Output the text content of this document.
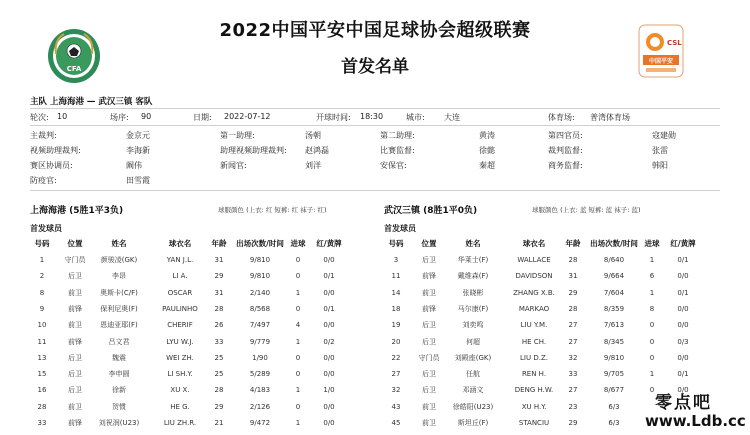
CFA
CSL
中国平安
2022中国平安中国足球协会超级联赛
首发名单
主队 上海海港 — 武汉三镇 客队
轮次: 10	场序: 90	日期: 2022-07-12	开球时间: 18:30	城市: 大连	体育场: 普湾体育场
主裁判:	金京元	第一助理:	汤朝	第二助理:	黄涛	第四官员:	寇建勋
视频助理裁判:	李海新	助理视频助理裁判: 赵鸿磊	比赛监督:	徐懿	裁判监督:	张雷
赛区协调员:	阚伟	新闻官:	刘洋	安保官:	秦超	商务监督:	韩阳
防疫官:	田雪霞
上海海港 (5胜1平3负)	球服颜色 (上衣: 红 短裤: 红 袜子: 红)	武汉三镇 (8胜1平0负)	球服颜色 (上衣: 蓝 短裤: 蓝 袜子: 蓝)
首发球员	首发球员
号码	位置	姓名	球衣名	年龄	出场次数/时间 进球	红/黄牌
1	守门员	颜骏凌(GK)	YAN J.L.	31	9/810	0	0/0
2	后卫	李昂	LI A.	29	9/810	0	0/1
8	前卫	奥斯卡(C/F)	OSCAR	31	2/140	1	0/0
9	前锋	保利尼奥(F)	PAULINHO	28	8/568	0	0/1
10	前卫	恩迪亚耶(F)	CHERIF	26	7/497	4	0/0
11	前锋	吕文君	LYU W.J.	33	9/779	1	0/2
13	后卫	魏震	WEI ZH.	25	1/90	0	0/0
15	后卫	李申圆	LI SH.Y.	25	5/289	0	0/0
16	后卫	徐新	XU X.	28	4/183	1	1/0
28	前卫	贺惯	HE G.	29	2/126	0	0/0
33	前锋	刘祝润(U23)	LIU ZH.R.	21	9/472	1	0/0
号码	位置	姓名	球衣名	年龄	出场次数/时间 进球	红/黄牌
3	后卫	华莱士(F)	WALLACE	28	8/640	1	0/1
11	前锋	戴维森(F)	DAVIDSON	31	9/664	6	0/0
14	前卫	张晓彬	ZHANG X.B.	29	7/604	1	0/1
18	前锋	马尔康(F)	MARKAO	28	8/359	8	0/0
19	后卫	刘奕鸣	LIU Y.M.	27	7/613	0	0/0
20	后卫	何超	HE CH.	27	8/345	0	0/3
22	守门员	刘殿座(GK)	LIU D.Z.	32	9/810	0	0/0
27	后卫	任航	REN H.	33	9/705	1	0/1
32	后卫	邓涵文	DENG H.W.	27	8/677	0	0/0
43	前卫	徐皓阳(U23)	XU H.Y.	23	6/3
45	前卫	斯坦丘(F)	STANCIU	29	6/3
零点吧
www.Ldb.cc
